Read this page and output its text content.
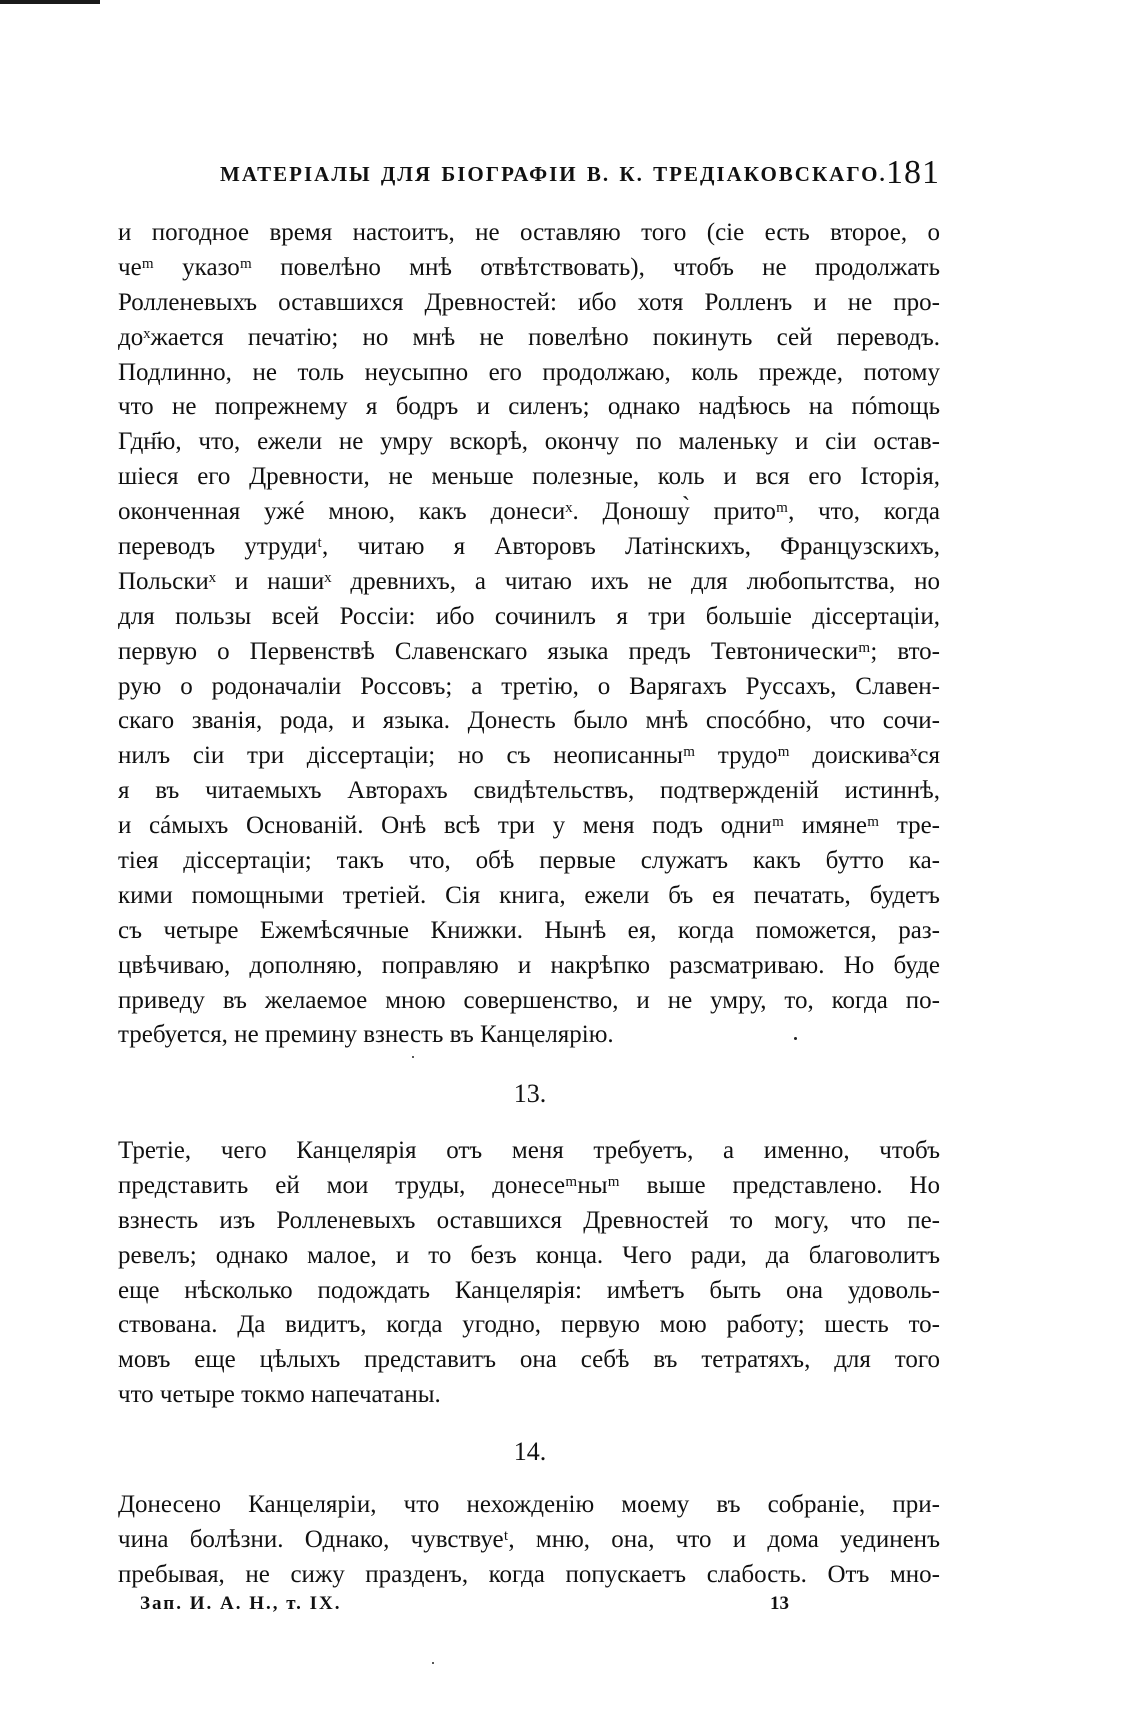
МАТЕРІАЛЫ ДЛЯ БІОГРАФІИ В. К. ТРЕДІАКОВСКАГО. 181
и погодное время настоитъ, не оставляю того (сіе есть второе, о
чеᵐ указоᵐ повелѣно мнѣ отвѣтствовать), чтобъ не продолжать
Ролленевыхъ оставшихся Древностей: ибо хотя Ролленъ и не про-
доˣжается печатію; но мнѣ не повелѣно покинуть сей переводъ.
Подлинно, не толь неусыпно его продолжаю, коль прежде, потому
что не попрежнему я бодръ и силенъ; однако надѣюсь на пómощь
Гдн҃ю, что, ежели не умру вскорѣ, окончу по маленьку и сіи остав-
шіеся его Древности, не меньше полезные, коль и вся его Історія,
оконченная ужé мною, какъ донесиˣ. Доношу̀ притоᵐ, что, когда
переводъ утрудиᵗ, читаю я Авторовъ Латінскихъ, Французскихъ,
Польскиˣ и нашиˣ древнихъ, а читаю ихъ не для любопытства, но
для пользы всей Россіи: ибо сочинилъ я три большіе діссертаціи,
первую о Первенствѣ Славенскаго языка предъ Тевтоническиᵐ; вто-
рую о родоначаліи Россовъ; а третію, о Варягахъ Руссахъ, Славен-
скаго званія, рода, и языка. Донесть было мнѣ спосóбно, что сочи-
нилъ сіи три діссертаціи; но съ неописанныᵐ трудоᵐ доискиваˣся
я въ читаемыхъ Авторахъ свидѣтельствъ, подтвержденій истиннѣ,
и сáмыхъ Основаній. Онѣ всѣ три у меня подъ одниᵐ имянеᵐ тре-
тіея діссертаціи; такъ что, обѣ первые служатъ какъ бутто ка-
кими помощными третіей. Сія книга, ежели бъ ея печатать, будетъ
съ четыре Ежемѣсячные Книжки. Нынѣ ея, когда поможется, раз-
цвѣчиваю, дополняю, поправляю и накрѣпко разсматриваю. Но буде
приведу въ желаемое мною совершенство, и не умру, то, когда по-
требуется, не премину взнесть въ Канцелярію.
13.
Третіе, чего Канцелярія отъ меня требуетъ, а именно, чтобъ
представить ей мои труды, донесеᵐныᵐ выше представлено. Но
взнесть изъ Ролленевыхъ оставшихся Древностей то могу, что пе-
ревелъ; однако малое, и то безъ конца. Чего ради, да благоволитъ
еще нѣсколько подождать Канцелярія: имѣетъ быть она удоволь-
ствована. Да видитъ, когда угодно, первую мою работу; шесть то-
мовъ еще цѣлыхъ представитъ она себѣ въ тетратяхъ, для того
что четыре токмо напечатаны.
14.
Донесено Канцеляріи, что нехожденію моему въ собраніе, при-
чина болѣзни. Однако, чувствуеᵗ, мню, она, что и дома уединенъ
пребывая, не сижу празденъ, когда попускаетъ слабость. Отъ мно-
Зап. И. А. Н., т. IX.	13
